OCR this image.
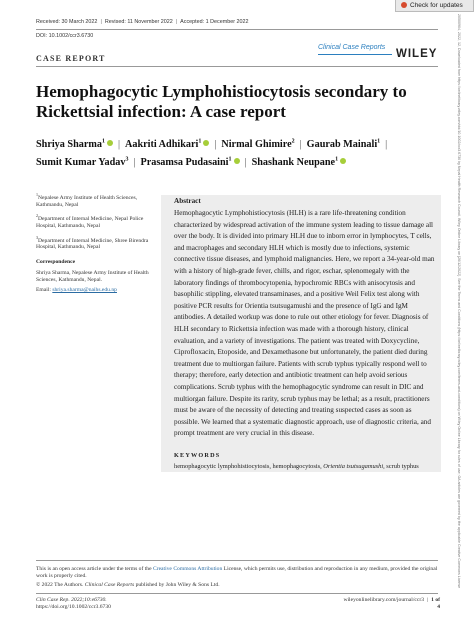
Check for updates
20500904, 2022, 12, Downloaded from https://onlinelibrary.wiley.com/doi/10.1002/ccr3.6730 by Nepal Health Research Council, Wiley Online Library on [26/12/2022]. See the Terms and Conditions (https://onlinelibrary.wiley.com/terms-and-conditions) on Wiley Online Library for rules of use; OA articles are governed by the applicable Creative Commons License
Received: 30 March 2022 | Revised: 11 November 2022 | Accepted: 1 December 2022
DOI: 10.1002/ccr3.6730
CASE REPORT
Clinical Case Reports
WILEY
Hemophagocytic Lymphohistiocytosis secondary to Rickettsial infection: A case report
Shriya Sharma$^1$ | Aakriti Adhikari$^1$ | Nirmal Ghimire$^2$ | Gaurab Mainali$^1$ |
Sumit Kumar Yadav$^3$ | Prasamsa Pudasaini$^1$ | Shashank Neupane$^1$

$^1$Nepalese Army Institute of Health Sciences, Kathmandu, Nepal

$^2$Department of Internal Medicine, Nepal Police Hospital, Kathmandu, Nepal

$^3$Department of Internal Medicine, Shree Birendra Hospital, Kathmandu, Nepal

Correspondence

Shriya Sharma, Nepalese Army Institute of Health Sciences, Kathmandu, Nepal.

Email: shriya.sharma@naihs.edu.np

Abstract
Hemophagocytic Lymphohistiocytosis (HLH) is a rare life-threatening condition characterized by widespread activation of the immune system leading to tissue damage all over the body. It is divided into primary HLH due to inborn error in lymphocytes, T cells, and macrophages and secondary HLH which is mostly due to infections, systemic connective tissue diseases, and lymphoid malignancies. Here, we report a 34-year-old man with a history of high-grade fever, chills, and rigor, eschar, splenomegaly with the laboratory findings of thrombocytopenia, hypochromic RBCs with anisocytosis and basophilic stippling, elevated transaminases, and a positive Weil Felix test along with positive PCR results for Orientia tsutsugamushi and the presence of IgG and IgM antibodies. A detailed workup was done to rule out other etiology for fever. Diagnosis of HLH secondary to Rickettsia infection was made with a thorough history, clinical evaluation, and a variety of investigations. The patient was treated with Doxycycline, Ciprofloxacin, Etoposide, and Dexamethasone but unfortunately, the patient died during treatment due to multiorgan failure. Patients with scrub typhus typically respond well to therapy; therefore, early detection and antibiotic treatment can help avoid serious complications. Scrub typhus with the hemophagocytic syndrome can result in DIC and multiorgan failure. Despite its rarity, scrub typhus may be lethal; as a result, practitioners must be aware of the necessity of detecting and treating suspected cases as soon as possible. We learned that a systematic diagnostic approach, use of diagnostic criteria, and prompt treatment are very crucial in this disease.
KEYWORDS
hemophagocytic lymphohistiocytosis, hemophagocytosis, Orientia tsutsugamushi, scrub typhus

This is an open access article under the terms of the Creative Commons Attribution License, which permits use, distribution and reproduction in any medium, provided the original work is properly cited.

© 2022 The Authors. Clinical Case Reports published by John Wiley & Sons Ltd.

Clin Case Rep. 2022;10:e6730.
https://doi.org/10.1002/ccr3.6730
wileyonlinelibrary.com/journal/ccr3 | 1 of 4
